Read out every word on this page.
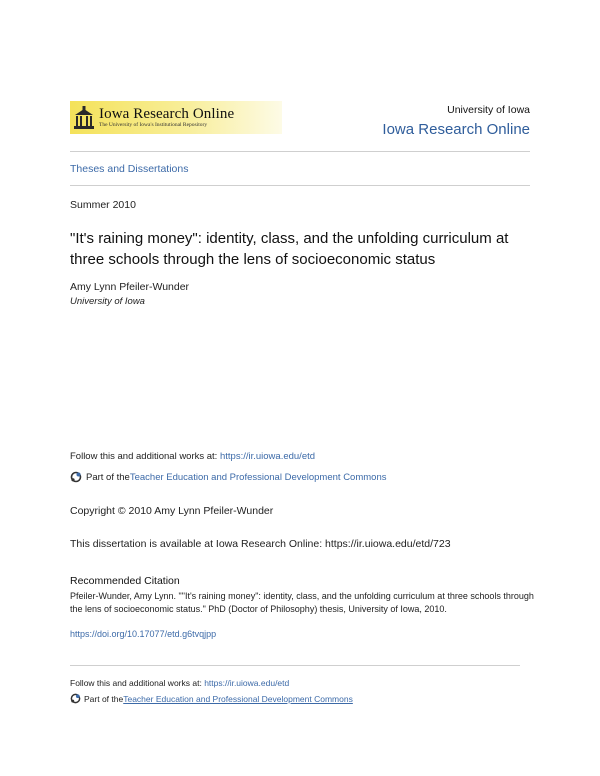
Iowa Research Online
The University of Iowa's Institutional Repository
University of Iowa
Iowa Research Online
Theses and Dissertations
Summer 2010
"It's raining money": identity, class, and the unfolding curriculum at three schools through the lens of socioeconomic status
Amy Lynn Pfeiler-Wunder
University of Iowa
Follow this and additional works at: https://ir.uiowa.edu/etd
Part of the Teacher Education and Professional Development Commons
Copyright © 2010 Amy Lynn Pfeiler-Wunder
This dissertation is available at Iowa Research Online: https://ir.uiowa.edu/etd/723
Recommended Citation
Pfeiler-Wunder, Amy Lynn. ""It's raining money": identity, class, and the unfolding curriculum at three schools through the lens of socioeconomic status." PhD (Doctor of Philosophy) thesis, University of Iowa, 2010.
https://doi.org/10.17077/etd.g6tvqjpp
Follow this and additional works at: https://ir.uiowa.edu/etd
Part of the Teacher Education and Professional Development Commons
